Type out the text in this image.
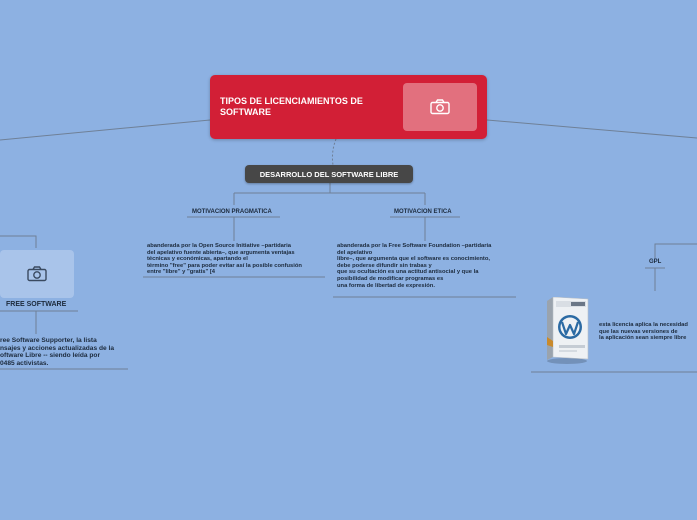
TIPOS DE LICENCIAMIENTOS DE SOFTWARE
DESARROLLO DEL SOFTWARE LIBRE
MOTIVACION PRAGMATICA	MOTIVACION ETICA
abanderada por la Open Source Initiative –partidaria
del apelativo fuente abierta–, que argumenta ventajas
técnicas y económicas, apartando el
término "free" para poder evitar así la posible confusión
entre "libre" y "gratis" [4
abanderada por la Free Software Foundation –partidaria
del apelativo
libre–, que argumenta que el software es conocimiento,
debe poderse difundir sin trabas y
que su ocultación es una actitud antisocial y que la
posibilidad de modificar programas es
una forma de libertad de expresión.
FREE SOFTWARE
ree Software Supporter, la lista
nsajes y acciones actualizadas de la
oftware Libre -- siendo leída por
0485 activistas.
GPL
esta licencia aplica la necesidad
que las nuevas versiones de
la aplicación sean siempre libre
